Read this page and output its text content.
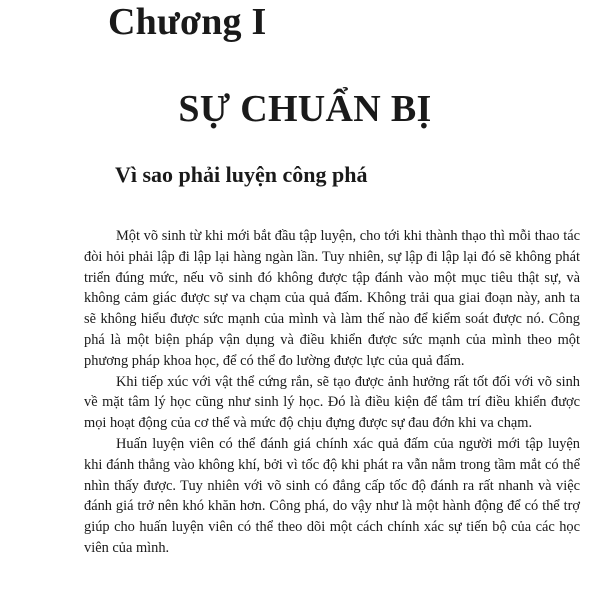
Chương I
SỰ CHUẨN BỊ
Vì sao phải luyện công phá

Một võ sinh từ khi mới bắt đầu tập luyện, cho tới khi thành thạo thì mỗi thao tác đòi hỏi phải lập đi lập lại hàng ngàn lần. Tuy nhiên, sự lập đi lập lại đó sẽ không phát triển đúng mức, nếu võ sinh đó không được tập đánh vào một mục tiêu thật sự, và không cảm giác được sự va chạm của quả đấm. Không trải qua giai đoạn này, anh ta sẽ không hiểu được sức mạnh của mình và làm thế nào để kiểm soát được nó. Công phá là một biện pháp vận dụng và điều khiển được sức mạnh của mình theo một phương pháp khoa học, để có thể đo lường được lực của quả đấm.

Khi tiếp xúc với vật thể cứng rắn, sẽ tạo được ảnh hưởng rất tốt đối với võ sinh về mặt tâm lý học cũng như sinh lý học. Đó là điều kiện để tâm trí điều khiển được mọi hoạt động của cơ thể và mức độ chịu đựng được sự đau đớn khi va chạm.

Huấn luyện viên có thể đánh giá chính xác quả đấm của người mới tập luyện khi đánh thẳng vào không khí, bởi vì tốc độ khi phát ra vẫn nằm trong tầm mắt có thể nhìn thấy được. Tuy nhiên với võ sinh có đẳng cấp tốc độ đánh ra rất nhanh và việc đánh giá trở nên khó khăn hơn. Công phá, do vậy như là một hành động để có thể trợ giúp cho huấn luyện viên có thể theo dõi một cách chính xác sự tiến bộ của các học viên của mình.
